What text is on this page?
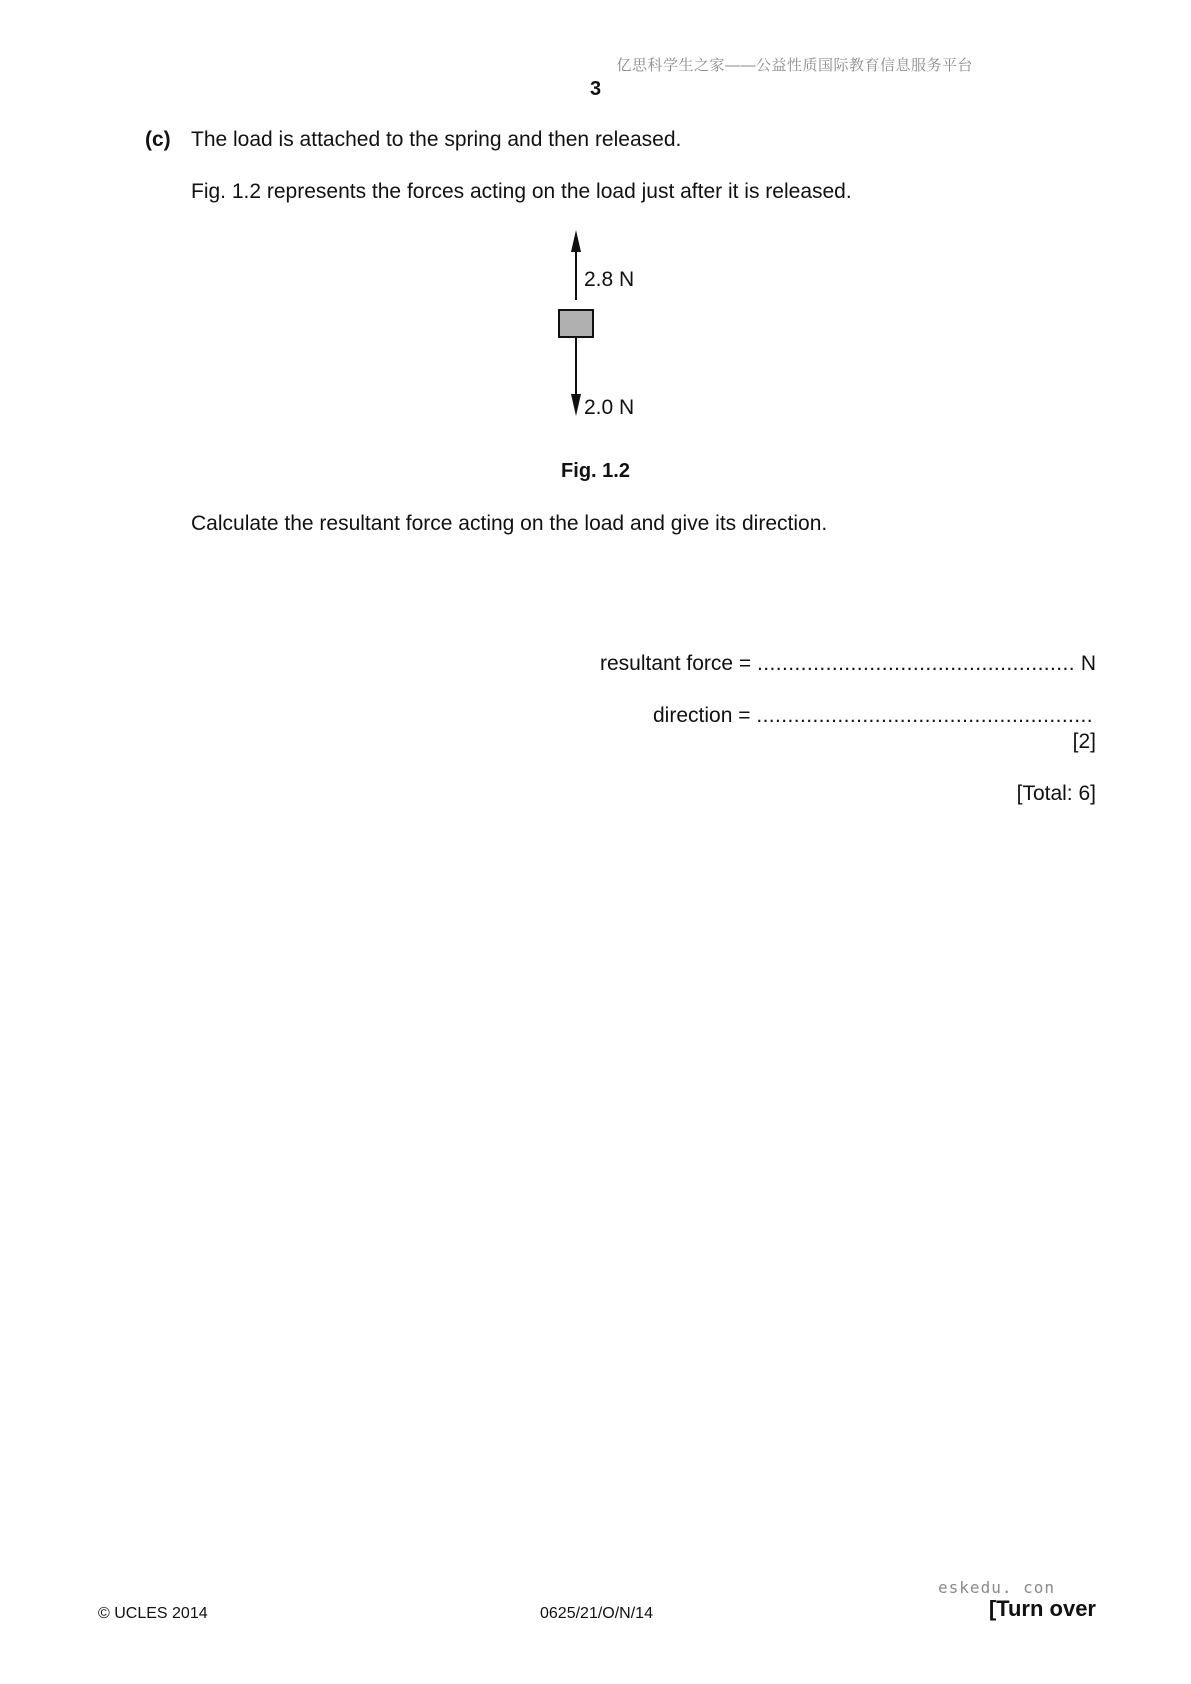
亿思科学生之家——公益性质国际教育信息服务平台
3
(c) The load is attached to the spring and then released.
Fig. 1.2 represents the forces acting on the load just after it is released.
2.8 N
2.0 N
Fig. 1.2
Calculate the resultant force acting on the load and give its direction.
resultant force = ................................................... N
direction = ......................................................
[2]
[Total: 6]
eskedu. con
© UCLES 2014	0625/21/O/N/14	[Turn over
